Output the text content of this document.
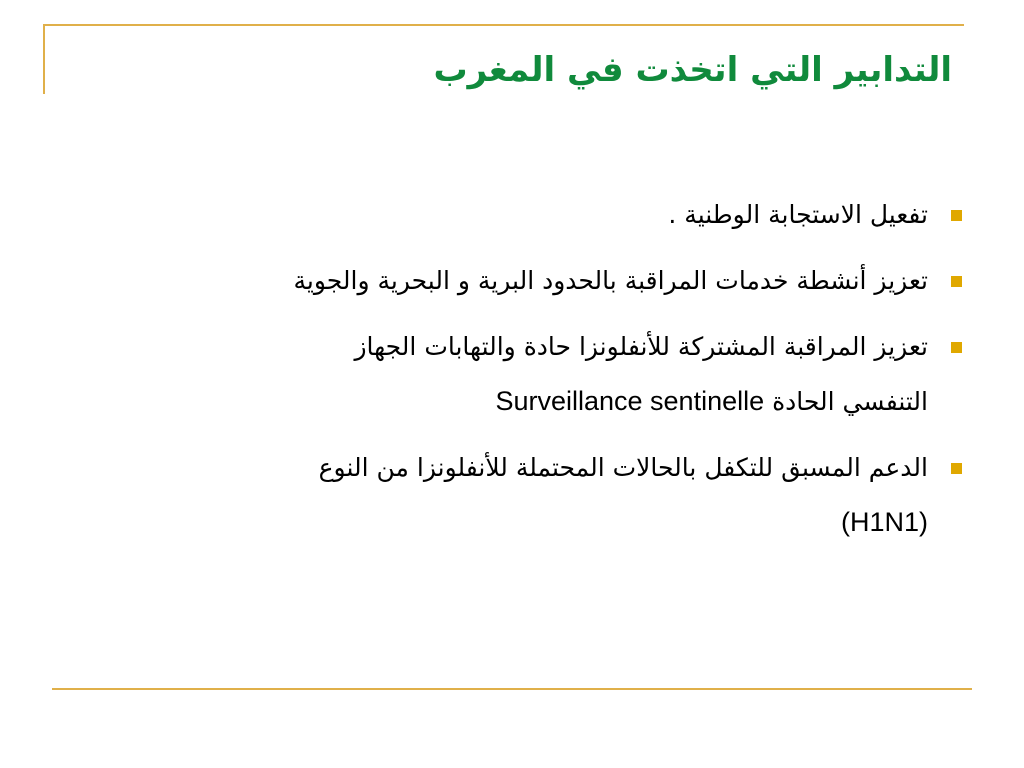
التدابير التي اتخذت في المغرب
تفعيل الاستجابة الوطنية .
تعزيز أنشطة خدمات المراقبة بالحدود البرية و البحرية والجوية
تعزيز المراقبة المشتركة للأنفلونزا حادة والتهابات الجهاز
التنفسي الحادة Surveillance sentinelle
الدعم المسبق للتكفل بالحالات المحتملة للأنفلونزا من النوع
(H1N1)
